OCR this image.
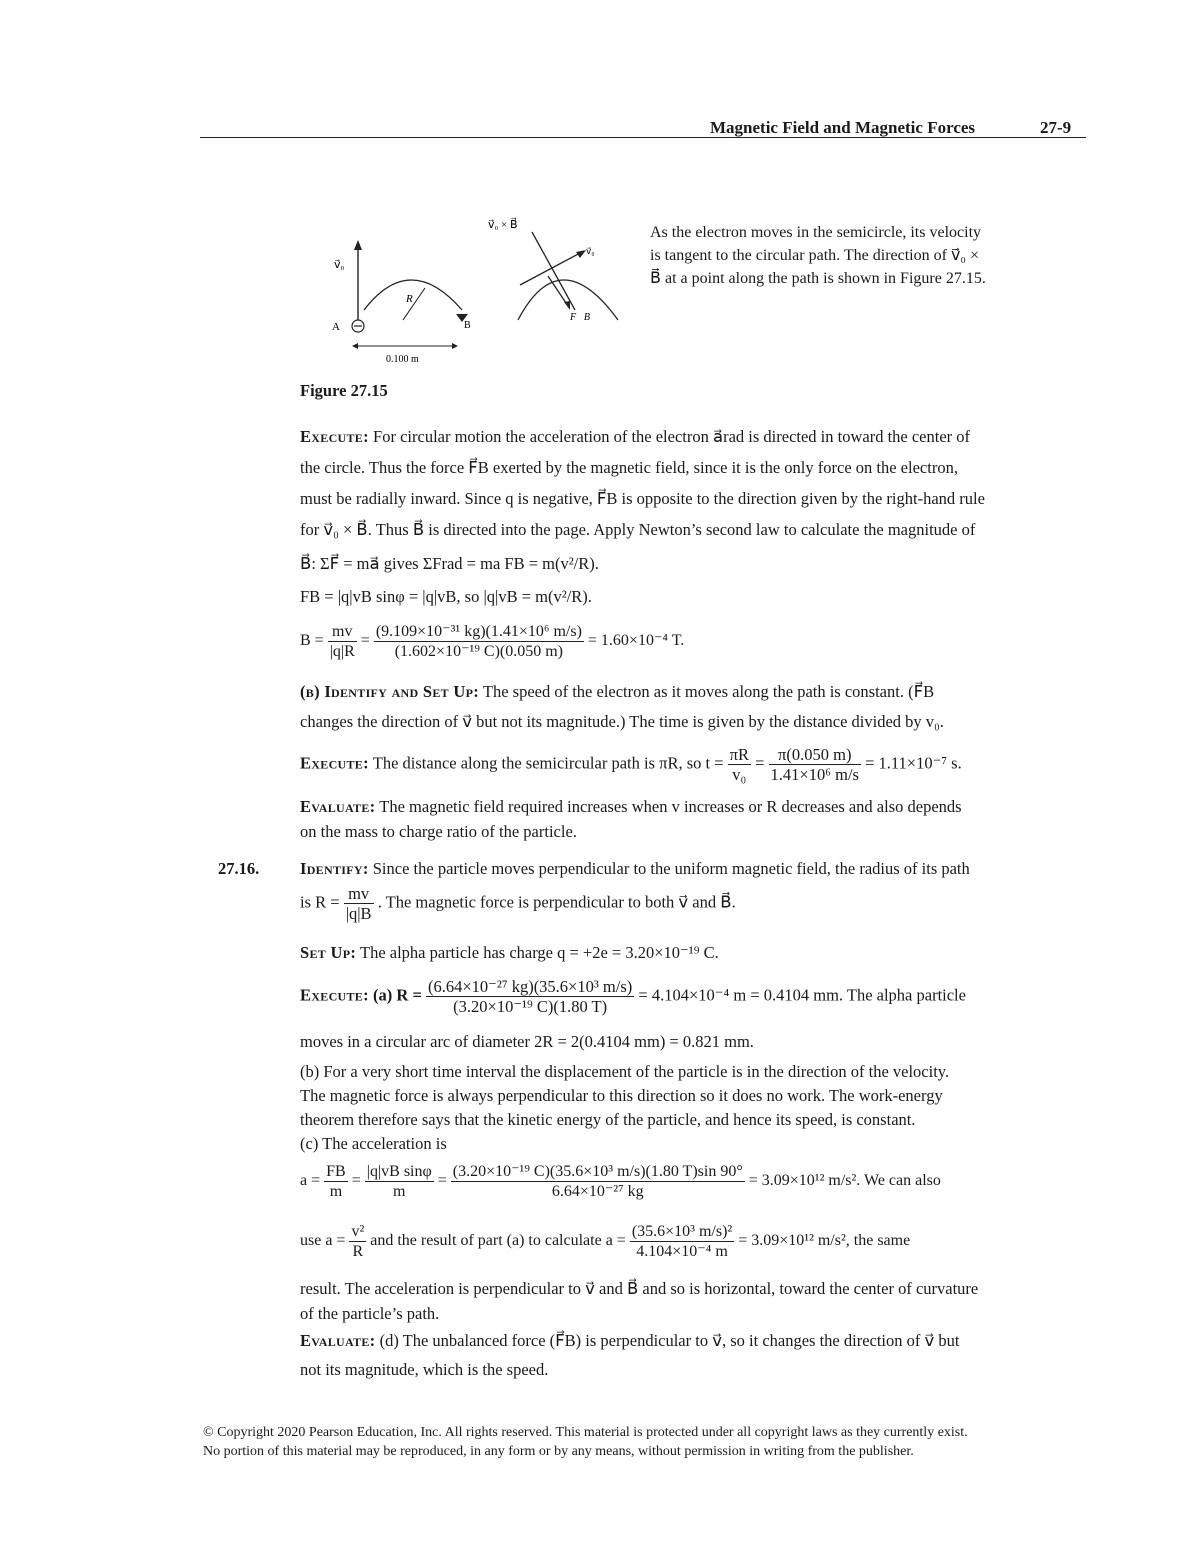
Magnetic Field and Magnetic Forces	27-9
v⃗₀
A
R
B
0.100 m
v⃗₀ × B⃗
v⃗₀
F⃗B
As the electron moves in the semicircle, its velocity is tangent to the circular path. The direction of v⃗₀ × B⃗ at a point along the path is shown in Figure 27.15.
Figure 27.15
Execute: For circular motion the acceleration of the electron a⃗rad is directed in toward the center of
the circle. Thus the force F⃗B exerted by the magnetic field, since it is the only force on the electron,
must be radially inward. Since q is negative, F⃗B is opposite to the direction given by the right-hand rule
for v⃗₀ × B⃗. Thus B⃗ is directed into the page. Apply Newton’s second law to calculate the magnitude of
B⃗: ΣF⃗ = ma⃗ gives ΣFrad = ma FB = m(v²/R).
FB = |q|vB sinφ = |q|vB, so |q|vB = m(v²/R).
$B = \frac{mv}{|q|R} = \frac{\text{(9.109×10⁻³¹ kg)(1.41×10⁶ m/s)}}{\text{(1.602×10⁻¹⁹ C)(0.050 m)}} = 1.60\times 10^{-4}$ T.
(b) Identify and Set Up: The speed of the electron as it moves along the path is constant. (F⃗B
changes the direction of v⃗ but not its magnitude.) The time is given by the distance divided by v₀.
Execute: The distance along the semicircular path is πR, so $t = \frac{\pi R}{\text{v₀}} = \frac{\pi(0.050 m)}{\text{1.41×10⁶ m/s}} = 1.11\times 10^{-7}$ s.
Evaluate: The magnetic field required increases when v increases or R decreases and also depends
on the mass to charge ratio of the particle.
27.16. Identify: Since the particle moves perpendicular to the uniform magnetic field, the radius of its path
is $R = \frac{mv}{|q|B}$ . The magnetic force is perpendicular to both v⃗ and B⃗.
Set Up: The alpha particle has charge q = +2e = 3.20×10⁻¹⁹ C.
Execute: (a) $R = \frac{\text{(6.64×10⁻²⁷ kg)(35.6×10³ m/s)}}{\text{(3.20×10⁻¹⁹ C)(1.80 T)}} = 4.104\times 10^{-4}$ m = 0.4104 mm. The alpha particle
moves in a circular arc of diameter 2R = 2(0.4104 mm) = 0.821 mm.
(b) For a very short time interval the displacement of the particle is in the direction of the velocity.
The magnetic force is always perpendicular to this direction so it does no work. The work-energy
theorem therefore says that the kinetic energy of the particle, and hence its speed, is constant.
(c) The acceleration is
$a = \frac{FB}{m} = \frac{\text{|q|vB sinφ}}{m} = \frac{\text{(3.20×10⁻¹⁹ C)(35.6×10³ m/s)(1.80 T)sin 90°}}{\text{6.64×10⁻²⁷ kg}} = 3.09\times 10^{12}$ m/s². We can also
use $a = \frac{\text{v²}}{R}$ and the result of part (a) to calculate $a = \frac{\text{(35.6×10³ m/s)²}}{\text{4.104×10⁻⁴ m}} = 3.09\times 10^{12}$ m/s², the same
result. The acceleration is perpendicular to v⃗ and B⃗ and so is horizontal, toward the center of curvature
of the particle’s path.
Evaluate: (d) The unbalanced force (F⃗B) is perpendicular to v⃗, so it changes the direction of v⃗ but
not its magnitude, which is the speed.
© Copyright 2020 Pearson Education, Inc. All rights reserved. This material is protected under all copyright laws as they currently exist.
No portion of this material may be reproduced, in any form or by any means, without permission in writing from the publisher.
